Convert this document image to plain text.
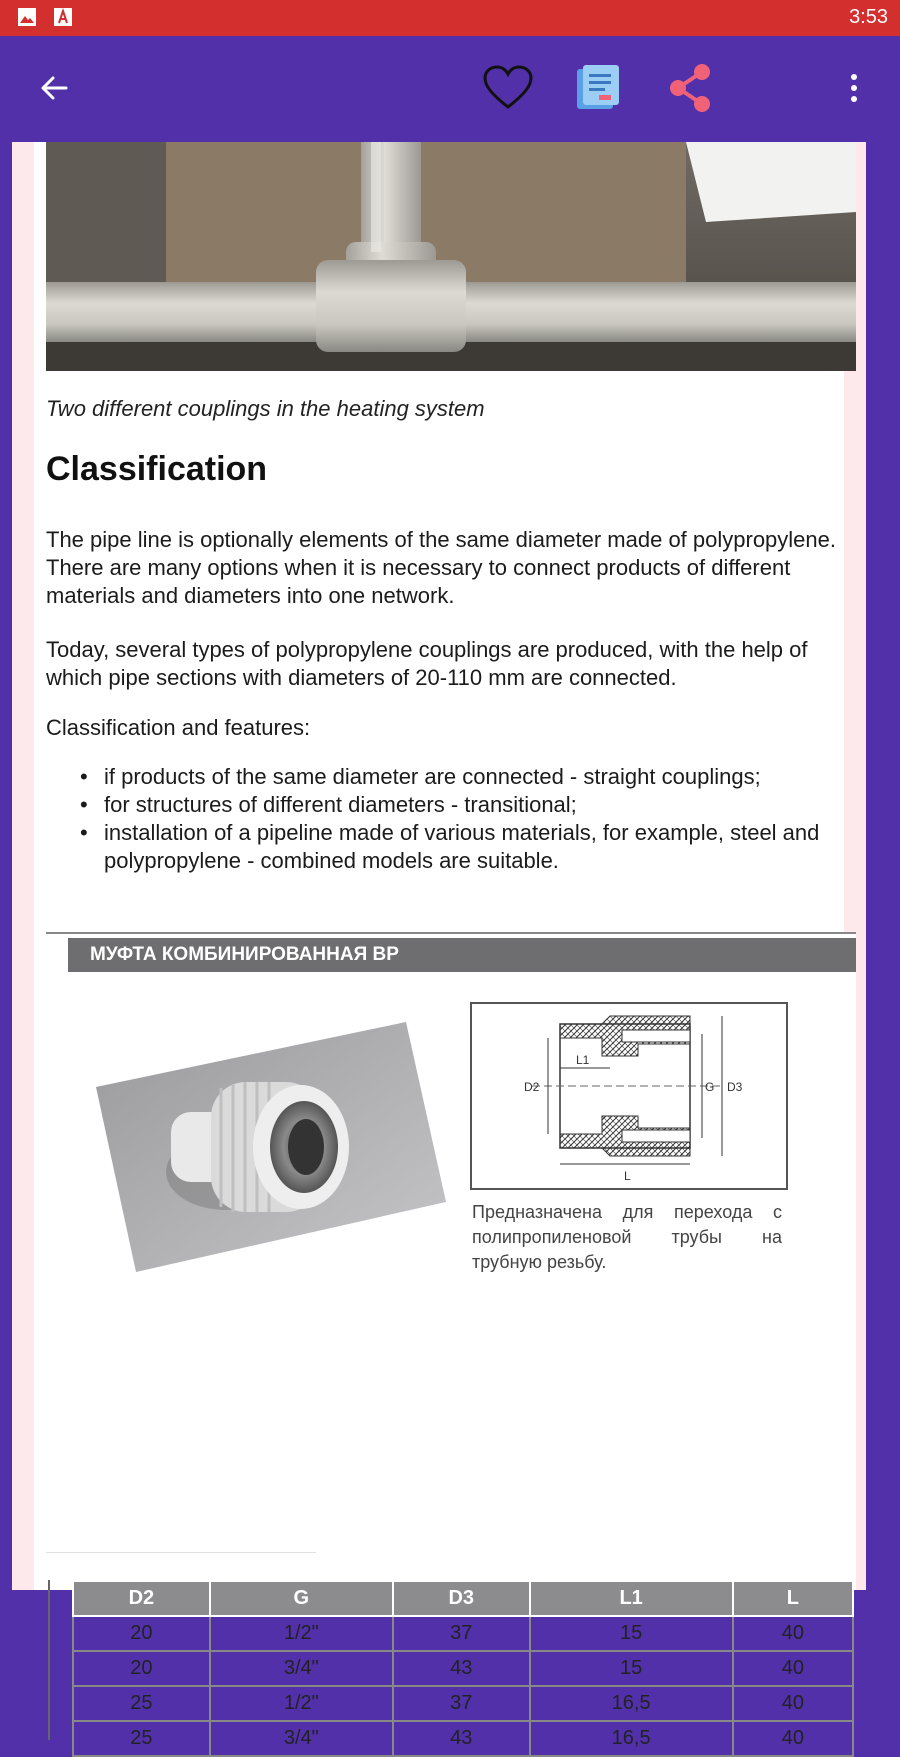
3:53
Two different couplings in the heating system
Classification

The pipe line is optionally elements of the same diameter made of polypropylene. There are many options when it is necessary to connect products of different materials and diameters into one network.

Today, several types of polypropylene couplings are produced, with the help of which pipe sections with diameters of 20-110 mm are connected.

Classification and features:

• if products of the same diameter are connected - straight couplings;
• for structures of different diameters - transitional;
• installation of a pipeline made of various materials, for example, steel and polypropylene - combined models are suitable.
МУФТА КОМБИНИРОВАННАЯ ВР
D2
L1
G D3
L
Предназначена для перехода с полипропиленовой трубы на трубную резьбу.
D2	G	D3	L1	L
20	1/2"	37	15	40
20	3/4"	43	15	40
25	1/2"	37	16,5	40
25	3/4"	43	16,5	40
